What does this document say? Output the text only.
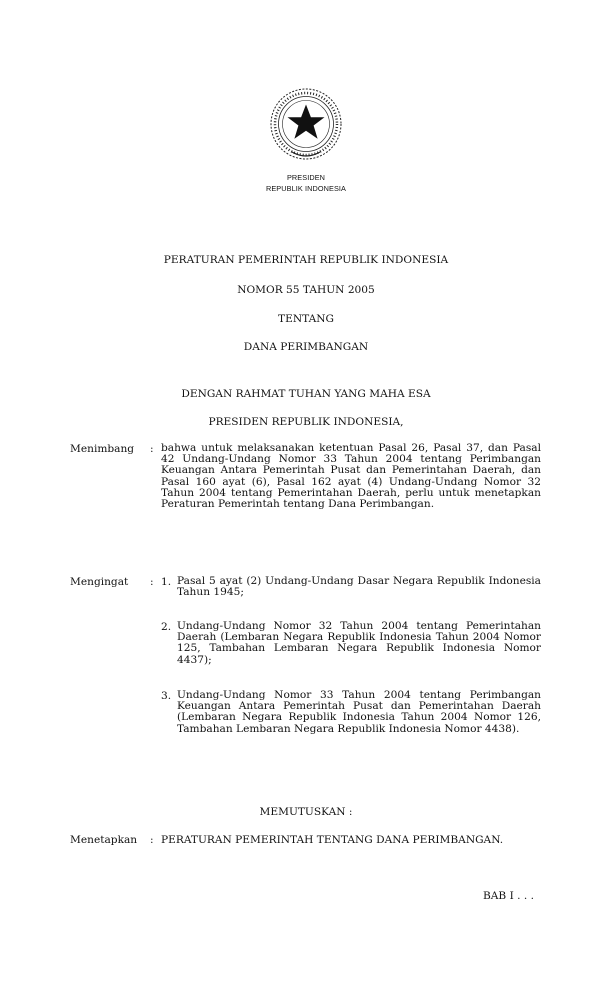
PRESIDEN
REPUBLIK INDONESIA
PERATURAN PEMERINTAH REPUBLIK INDONESIA
NOMOR 55 TAHUN 2005
TENTANG
DANA PERIMBANGAN
DENGAN RAHMAT TUHAN YANG MAHA ESA
PRESIDEN REPUBLIK INDONESIA,
Menimbang : bahwa untuk melaksanakan ketentuan Pasal 26, Pasal 37, dan Pasal 42 Undang-Undang Nomor 33 Tahun 2004 tentang Perimbangan Keuangan Antara Pemerintah Pusat dan Pemerintahan Daerah, dan Pasal 160 ayat (6), Pasal 162 ayat (4) Undang-Undang Nomor 32 Tahun 2004 tentang Pemerintahan Daerah, perlu untuk menetapkan Peraturan Pemerintah tentang Dana Perimbangan.
Mengingat : 1. Pasal 5 ayat (2) Undang-Undang Dasar Negara Republik Indonesia Tahun 1945;
2. Undang-Undang Nomor 32 Tahun 2004 tentang Pemerintahan Daerah (Lembaran Negara Republik Indonesia Tahun 2004 Nomor 125, Tambahan Lembaran Negara Republik Indonesia Nomor 4437);
3. Undang-Undang Nomor 33 Tahun 2004 tentang Perimbangan Keuangan Antara Pemerintah Pusat dan Pemerintahan Daerah (Lembaran Negara Republik Indonesia Tahun 2004 Nomor 126, Tambahan Lembaran Negara Republik Indonesia Nomor 4438).
MEMUTUSKAN :
Menetapkan : PERATURAN PEMERINTAH TENTANG DANA PERIMBANGAN.
BAB I . . .
